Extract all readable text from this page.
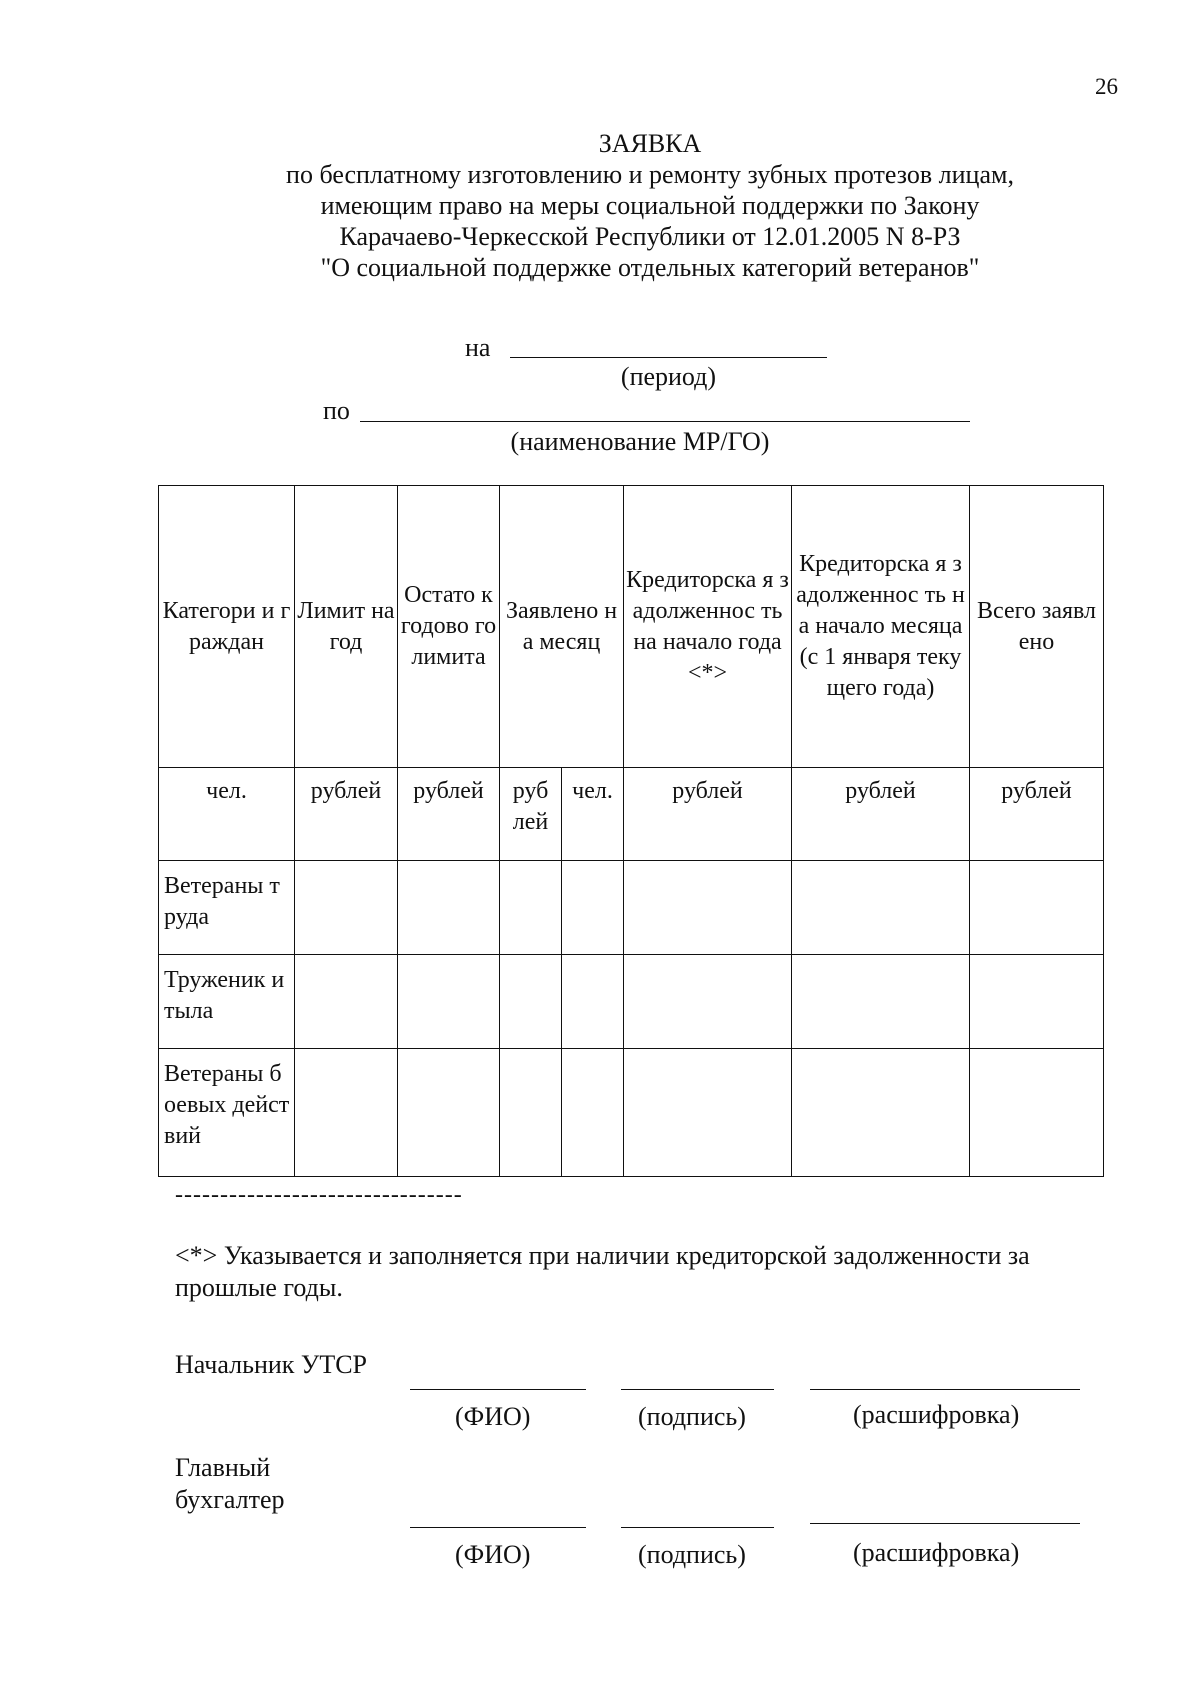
26
ЗАЯВКА
по бесплатному изготовлению и ремонту зубных протезов лицам,
имеющим право на меры социальной поддержки по Закону
Карачаево-Черкесской Республики от 12.01.2005 N 8-РЗ
"О социальной поддержке отдельных категорий ветеранов"
на
(период)
по
(наименование МР/ГО)
Категори и граждан	Лимит на год	Остато к годово го лимита	Заявлено на месяц		Кредиторска я задолженнос ть на начало года <*>	Кредиторска я задолженнос ть на начало месяца (с 1 января текущего года)	Всего заявлено
чел.	рублей	рублей	руб лей	чел.	рублей	рублей	рублей
Ветераны труда							
Труженик и тыла							
Ветераны боевых действий							
--------------------------------
<*> Указывается и заполняется при наличии кредиторской задолженности за прошлые годы.
Начальник УТСР
(ФИО)	(подпись)	(расшифровка)
Главный бухгалтер
(ФИО)	(подпись)	(расшифровка)
